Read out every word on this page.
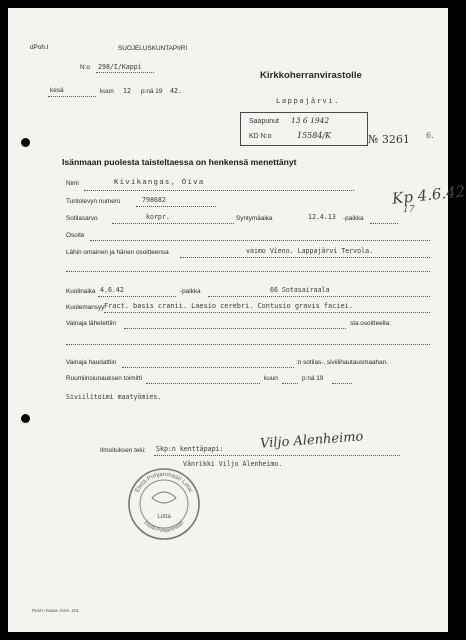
dPoh.I	SUOJELUSKUNTAPIIRI
N:o 298/I/Kappi
kesä	kuun 12 p:nä 19 42.
Kirkkoherranvirastolle
Lappajärvi.
Saapunut 13 6 1942
KD N:o	15584/K	№ 3261 6.
Isänmaan puolesta taisteltaessa on henkensä menettänyt
Nimi	Kivikangas, Oiva
Tuntolevyn numero	798682
Sotilasarvo	korpr.	Syntymäaika	12.4.13 -paikka
Kp 4.6.42
17
Osoite
Lähin omainen ja hänen osoitteensa	vaimo Vieno. Lappajärvi Tervola.
Kuolinaika 4.6.42	-paikka	66 Sotasairaala
Kuolemansyy Fract. basis cranii. Laesio cerebri. Contusio gravis faciei.
Vainaja lähetettiin	sta osoitteella:
Vainaja haudattiin	:n sotilas-, siviilihautausmaahan.
Ruumiinsiunauksen toimitti	kuun	p:nä 19
Siviilitoimi maatyömies.
Ilmoituksen teki: Skp:n kenttäpapi:	Viljo Alenheimo
Vänrikki Viljo Alenheimo.
Etelä-Pohjanmaan Lotat
Etelä-Pohjanmaan
Lotta
PLM:n kaava. Kom. 201
